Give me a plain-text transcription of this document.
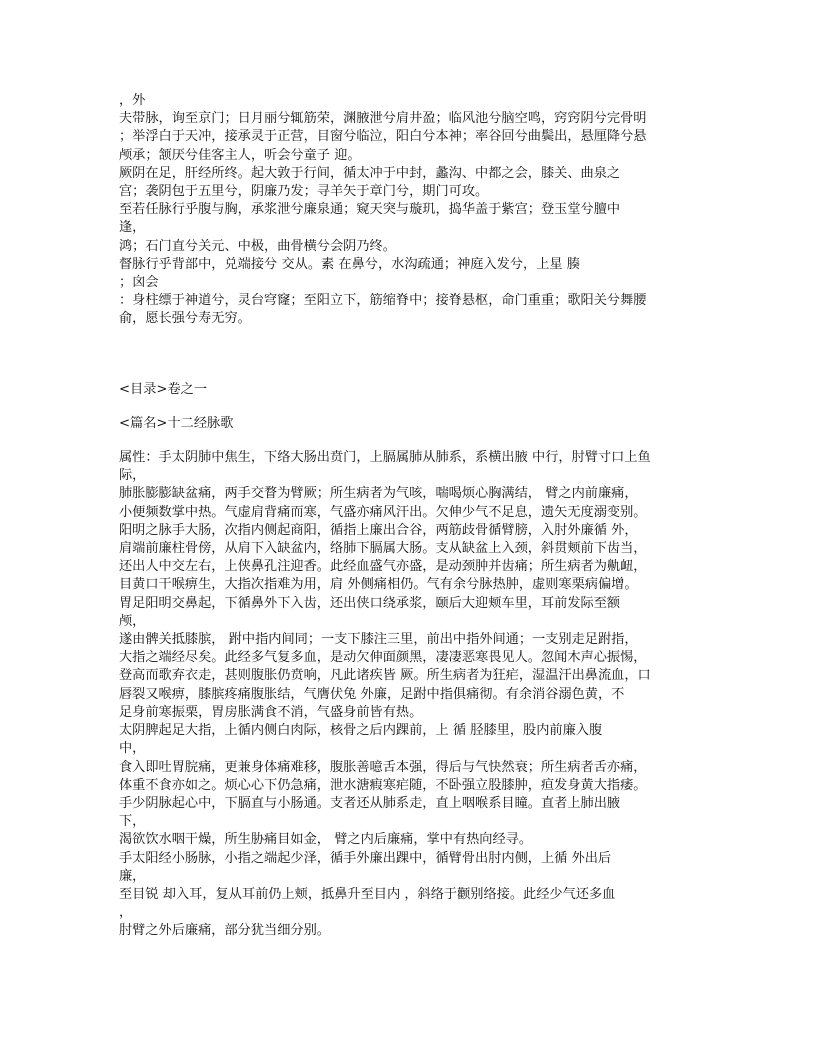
，外
夫带脉，询至京门；日月丽兮辄筋荣，渊腋泄兮肩井盈；临风池兮脑空鸣，窍窍阴兮完骨明
；举浮白于天冲，接承灵于正营，目窗兮临泣，阳白兮本神；率谷回兮曲鬓出，悬厘降兮悬
颅承；颔厌兮佳客主人，听会兮童子 迎。
厥阴在足，肝经所终。起大敦于行间，循太冲于中封，蠡沟、中都之会，膝关、曲泉之
宫；袭阴包于五里兮，阴廉乃发；寻羊矢于章门兮，期门可攻。
至若任脉行乎腹与胸，承浆泄兮廉泉通；窥天突与璇玑，捣华盖于紫宫；登玉堂兮膻中
逢，
鸿；石门直兮关元、中极，曲骨横兮会阴乃终。
督脉行乎背部中，兑端接兮 交从。素 在鼻兮，水沟疏通；神庭入发兮，上星 腠
；囟会
：身柱缥于神道兮，灵台穹窿；至阳立下，筋缩脊中；接脊悬枢，命门重重；歌阳关兮舞腰
俞，愿长强兮寿无穷。
<目录>卷之一
<篇名>十二经脉歌
属性：手太阴肺中焦生，下络大肠出贲门，上膈属肺从肺系，系横出腋 中行，肘臂寸口上鱼
际，
肺胀膨膨缺盆痛，两手交瞀为臂厥；所生病者为气咳，喘喝烦心胸满结， 臂之内前廉痛，
小便频数掌中热。气虚肩背痛而寒，气盛亦痛风汗出。欠伸少气不足息，遗矢无度溺变别。
阳明之脉手大肠，次指内侧起商阳，循指上廉出合谷，两筋歧骨循臂膀，入肘外廉循 外，
肩端前廉柱骨傍，从肩下入缺盆内，络肺下膈属大肠。支从缺盆上入颈，斜贯颊前下齿当，
还出人中交左右，上侠鼻孔注迎香。此经血盛气亦盛，是动颈肿并齿痛；所生病者为鼽衄，
目黄口干喉痹生，大指次指难为用，肩 外侧痛相仍。气有余兮脉热肿，虚则寒栗病偏增。
胃足阳明交鼻起，下循鼻外下入齿，还出侠口绕承浆，颐后大迎颊车里，耳前发际至额
颅，
遂由髀关抵膝膑， 跗中指内间同；一支下膝注三里，前出中指外间通；一支别走足跗指，
大指之端经尽矣。此经多气复多血，是动欠伸面颜黑，凄凄恶寒畏见人。忽闻木声心振惕，
登高而歌弃衣走，甚则腹胀仍贲响，凡此诸疾皆 厥。所生病者为狂疟，湿温汗出鼻流血，口
唇裂又喉痹，膝膑疼痛腹胀结，气膺伏兔 外廉，足跗中指俱痛彻。有余消谷溺色黄，不
足身前寒振栗，胃房胀满食不消，气盛身前皆有热。
太阴脾起足大指，上循内侧白肉际，核骨之后内踝前，上 循 胫膝里，股内前廉入腹
中，
食入即吐胃脘痛，更兼身体痛难移，腹胀善噫舌本强，得后与气快然衰；所生病者舌亦痛，
体重不食亦如之。烦心心下仍急痛，泄水溏瘕寒疟随，不卧强立股膝肿，疸发身黄大指痿。
手少阴脉起心中，下膈直与小肠通。支者还从肺系走，直上咽喉系目瞳。直者上肺出腋
下，
渴欲饮水咽干燥，所生胁痛目如金， 臂之内后廉痛，掌中有热向经寻。
手太阳经小肠脉，小指之端起少泽，循手外廉出踝中，循臂骨出肘内侧，上循 外出后
廉，
至目锐 却入耳，复从耳前仍上颊，抵鼻升至目内 ，斜络于颧别络接。此经少气还多血
，
肘臂之外后廉痛，部分犹当细分别。
